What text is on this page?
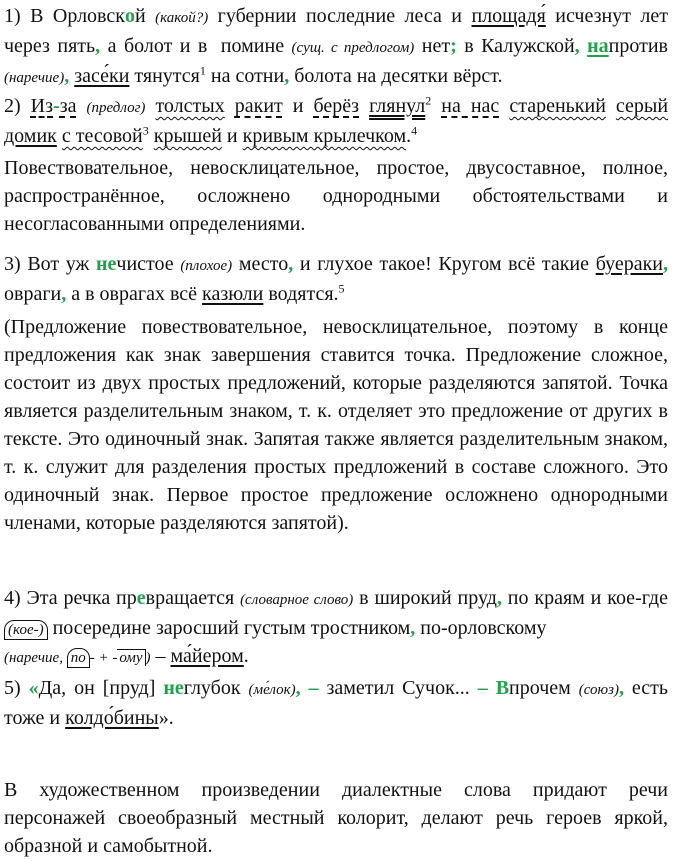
1) В Орловской (какой?) губернии последние леса и площадя́ исчезнут лет через пять, а болот и в помине (сущ. с предлогом) нет; в Калужской, напротив (наречие), засе́ки тянутся$^1$ на сотни, болота на десятки вёрст.
2) Из-за (предлог) толстых ракит и берёз глянул$^2$ на нас старенький серый домик с тесовой$^3$ крышей и кривым крылечком.$^4$
Повествовательное, невосклицательное, простое, двусоставное, полное, распространённое, осложнено однородными обстоятельствами и несогласованными определениями.
3) Вот уж нечистое (плохое) место, и глухое такое! Кругом всё такие буераки, овраги, а в оврагах всё казюли водятся.$^5$
(Предложение повествовательное, невосклицательное, поэтому в конце предложения как знак завершения ставится точка. Предложение сложное, состоит из двух простых предложений, которые разделяются запятой. Точка является разделительным знаком, т. к. отделяет это предложение от других в тексте. Это одиночный знак. Запятая также является разделительным знаком, т. к. служит для разделения простых предложений в составе сложного. Это одиночный знак. Первое простое предложение осложнено однородными членами, которые разделяются запятой).
4) Эта речка превращается (словарное слово) в широкий пруд, по краям и кое-где (кое-) посередине заросший густым тростником, по-орловскому
(наречие, по - + - ому ) – ма́йером.
5) «Да, он [пруд] неглубок (ме́лок), – заметил Сучок... – Впрочем (союз), есть тоже и колдо́бины».
В художественном произведении диалектные слова придают речи персонажей своеобразный местный колорит, делают речь героев яркой, образной и самобытной.
